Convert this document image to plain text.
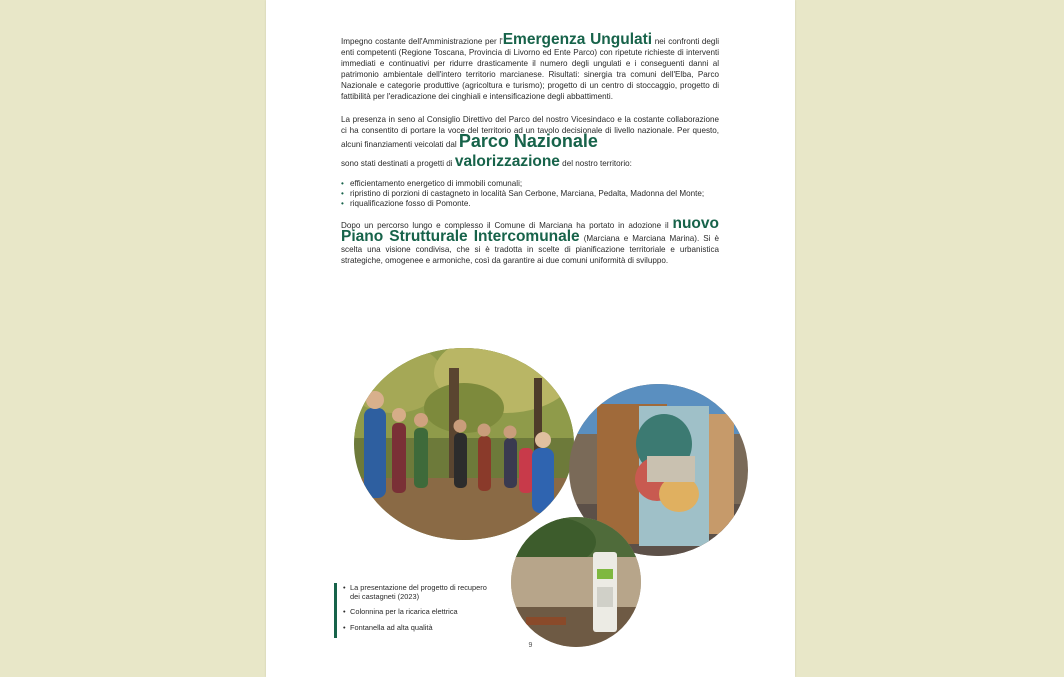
Impegno costante dell'Amministrazione per l'Emergenza Ungulati nei confronti degli enti competenti (Regione Toscana, Provincia di Livorno ed Ente Parco) con ripetute richieste di interventi immediati e continuativi per ridurre drasticamente il numero degli ungulati e i conseguenti danni al patrimonio ambientale dell'intero territorio marcianese. Risultati: sinergia tra comuni dell'Elba, Parco Nazionale e categorie produttive (agricoltura e turismo); progetto di un centro di stoccaggio, progetto di fattibilità per l'eradicazione dei cinghiali e intensificazione degli abbattimenti.

La presenza in seno al Consiglio Direttivo del Parco del nostro Vicesindaco e la costante collaborazione ci ha consentito di portare la voce del territorio ad un tavolo decisionale di livello nazionale. Per questo, alcuni finanziamenti veicolati dal Parco Nazionale

sono stati destinati a progetti di valorizzazione del nostro territorio:

• efficientamento energetico di immobili comunali;
• ripristino di porzioni di castagneto in località San Cerbone, Marciana, Pedalta, Madonna del Monte;
• riqualificazione fosso di Pomonte.

Dopo un percorso lungo e complesso il Comune di Marciana ha portato in adozione il nuovo Piano Strutturale Intercomunale (Marciana e Marciana Marina). Si è scelta una visione condivisa, che si è tradotta in scelte di pianificazione territoriale e urbanistica strategiche, omogenee e armoniche, così da garantire ai due comuni uniformità di sviluppo.

• La presentazione del progetto di recupero dei castagneti (2023)
• Colonnina per la ricarica elettrica
• Fontanella ad alta qualità
9
